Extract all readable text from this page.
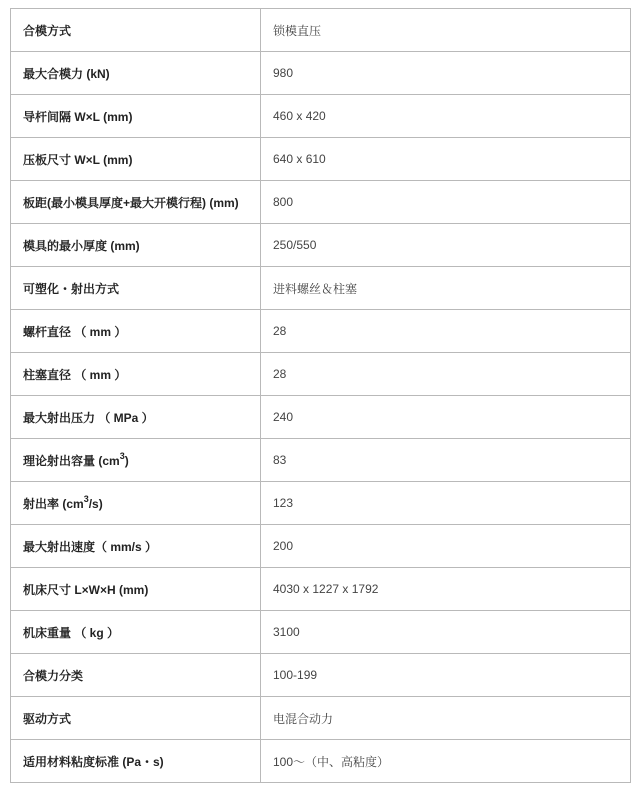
合模方式	锁模直压
最大合模力 (kN)	980
导杆间隔 W×L (mm)	460 x 420
压板尺寸 W×L (mm)	640 x 610
板距(最小模具厚度+最大开模行程) (mm)	800
模具的最小厚度 (mm)	250/550
可塑化・射出方式	进料螺丝＆柱塞
螺杆直径 （ mm ）	28
柱塞直径 （ mm ）	28
最大射出压力 （ MPa ）	240
理论射出容量 $(cm^3)$	83
射出率 $(cm^3/s)$	123
最大射出速度（ mm/s ）	200
机床尺寸 L×W×H (mm)	4030 x 1227 x 1792
机床重量 （ kg ）	3100
合模力分类	100-199
驱动方式	电混合动力
适用材料粘度标准 (Pa・s)	100～（中、高粘度）
